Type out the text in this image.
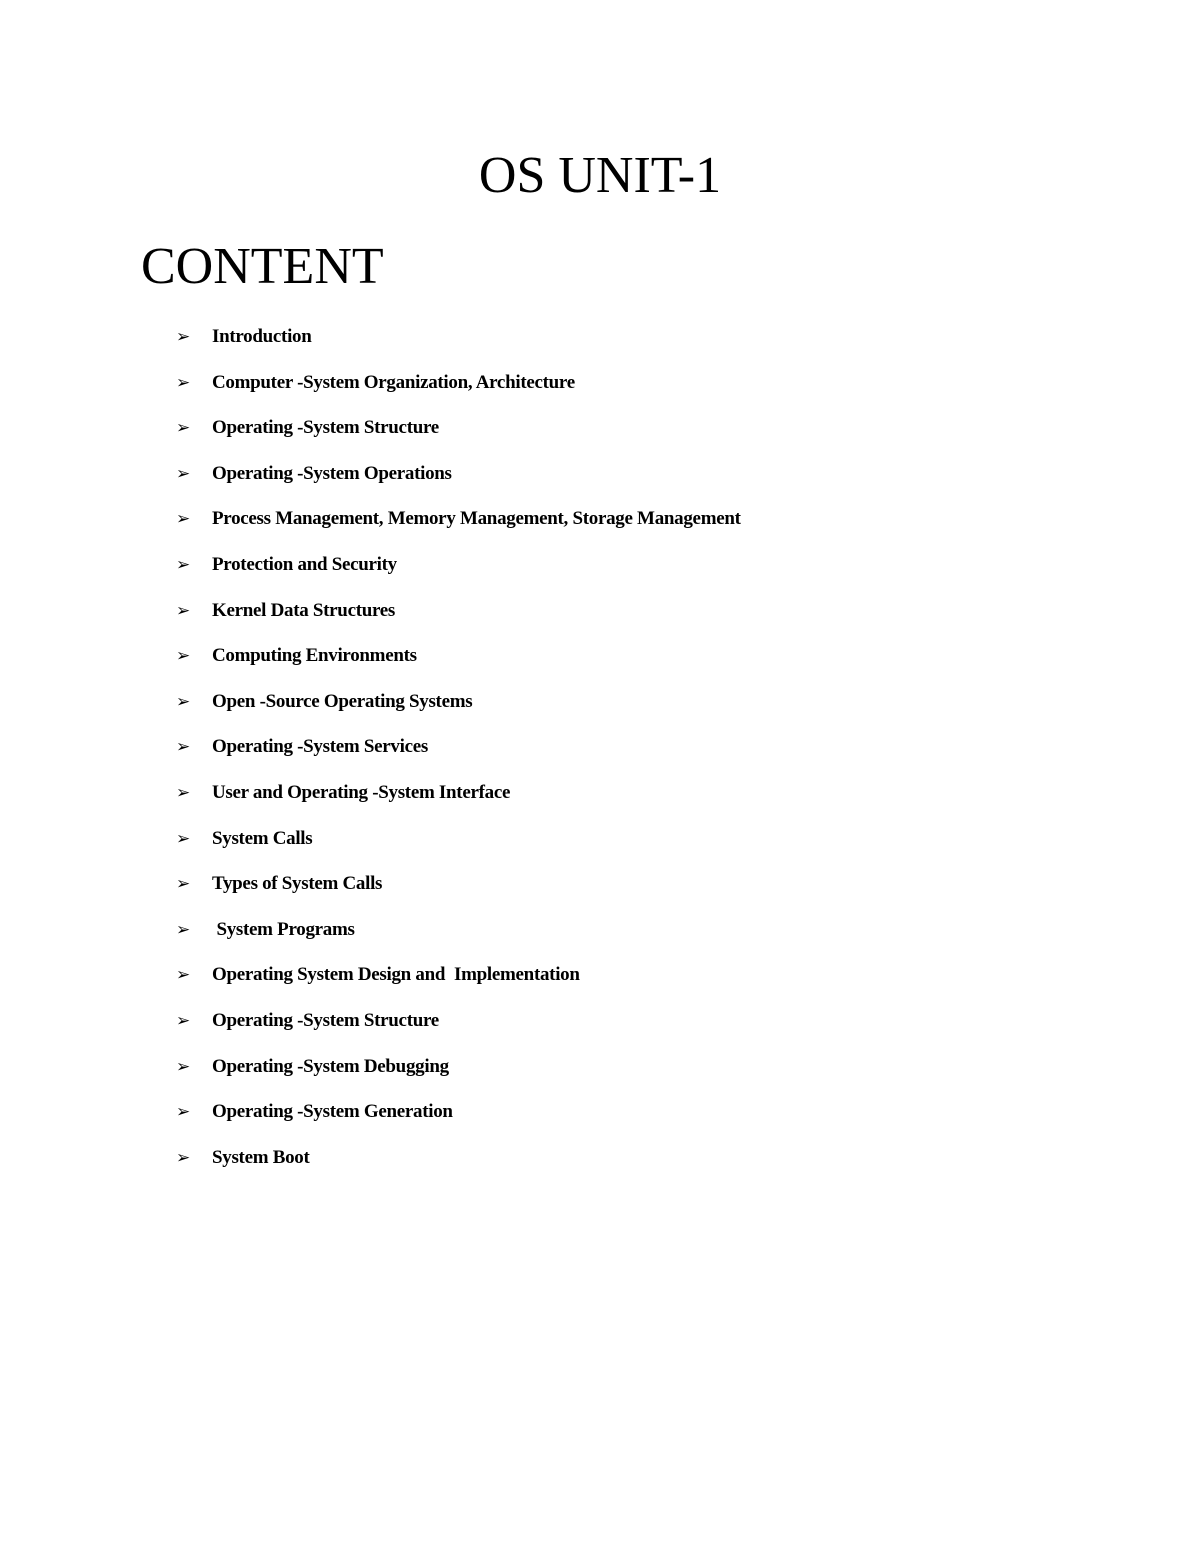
OS UNIT-1
CONTENT
➢	Introduction
➢	Computer -System Organization, Architecture
➢	Operating -System Structure
➢	Operating -System Operations
➢	Process Management, Memory Management, Storage Management
➢	Protection and Security
➢	Kernel Data Structures
➢	Computing Environments
➢	Open -Source Operating Systems
➢	Operating -System Services
➢	User and Operating -System Interface
➢	System Calls
➢	Types of System Calls
➢	System Programs
➢	Operating System Design and  Implementation
➢	Operating -System Structure
➢	Operating -System Debugging
➢	Operating -System Generation
➢	System Boot
